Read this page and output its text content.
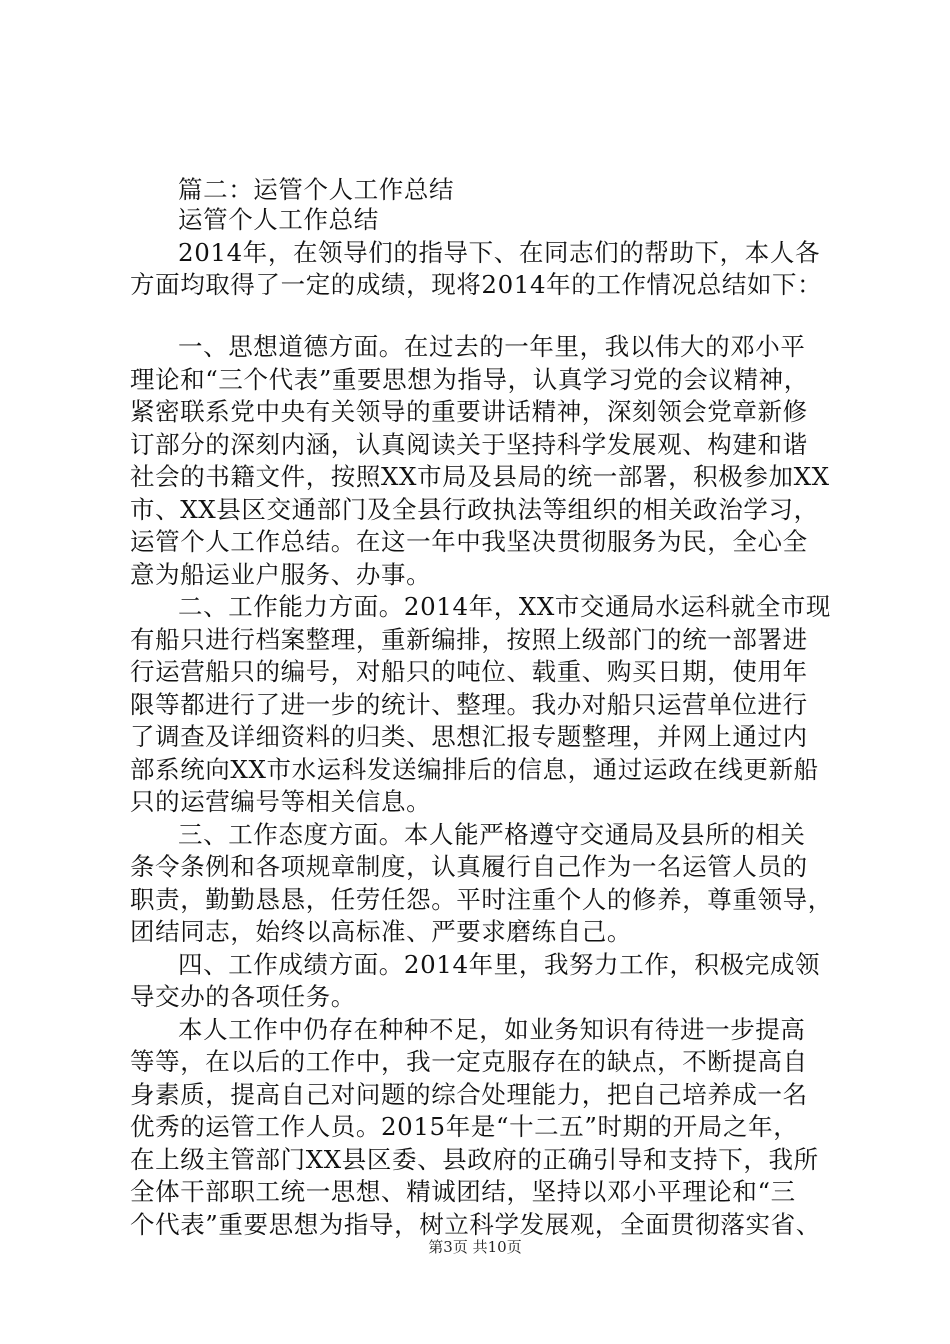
篇二：运管个人工作总结
运管个人工作总结
2014年，在领导们的指导下、在同志们的帮助下，本人各
方面均取得了一定的成绩，现将2014年的工作情况总结如下：
一、思想道德方面。在过去的一年里，我以伟大的邓小平
理论和“三个代表”重要思想为指导，认真学习党的会议精神，
紧密联系党中央有关领导的重要讲话精神，深刻领会党章新修
订部分的深刻内涵，认真阅读关于坚持科学发展观、构建和谐
社会的书籍文件，按照XX市局及县局的统一部署，积极参加XX
市、XX县区交通部门及全县行政执法等组织的相关政治学习，
运管个人工作总结。在这一年中我坚决贯彻服务为民，全心全
意为船运业户服务、办事。
二、工作能力方面。2014年，XX市交通局水运科就全市现
有船只进行档案整理，重新编排，按照上级部门的统一部署进
行运营船只的编号，对船只的吨位、载重、购买日期，使用年
限等都进行了进一步的统计、整理。我办对船只运营单位进行
了调查及详细资料的归类、思想汇报专题整理，并网上通过内
部系统向XX市水运科发送编排后的信息，通过运政在线更新船
只的运营编号等相关信息。
三、工作态度方面。本人能严格遵守交通局及县所的相关
条令条例和各项规章制度，认真履行自己作为一名运管人员的
职责，勤勤恳恳，任劳任怨。平时注重个人的修养，尊重领导，
团结同志，始终以高标准、严要求磨练自己。
四、工作成绩方面。2014年里，我努力工作，积极完成领
导交办的各项任务。
本人工作中仍存在种种不足，如业务知识有待进一步提高
等等，在以后的工作中，我一定克服存在的缺点，不断提高自
身素质，提高自己对问题的综合处理能力，把自己培养成一名
优秀的运管工作人员。2015年是“十二五”时期的开局之年，
在上级主管部门XX县区委、县政府的正确引导和支持下，我所
全体干部职工统一思想、精诚团结，坚持以邓小平理论和“三
个代表”重要思想为指导，树立科学发展观，全面贯彻落实省、
第3页 共10页
